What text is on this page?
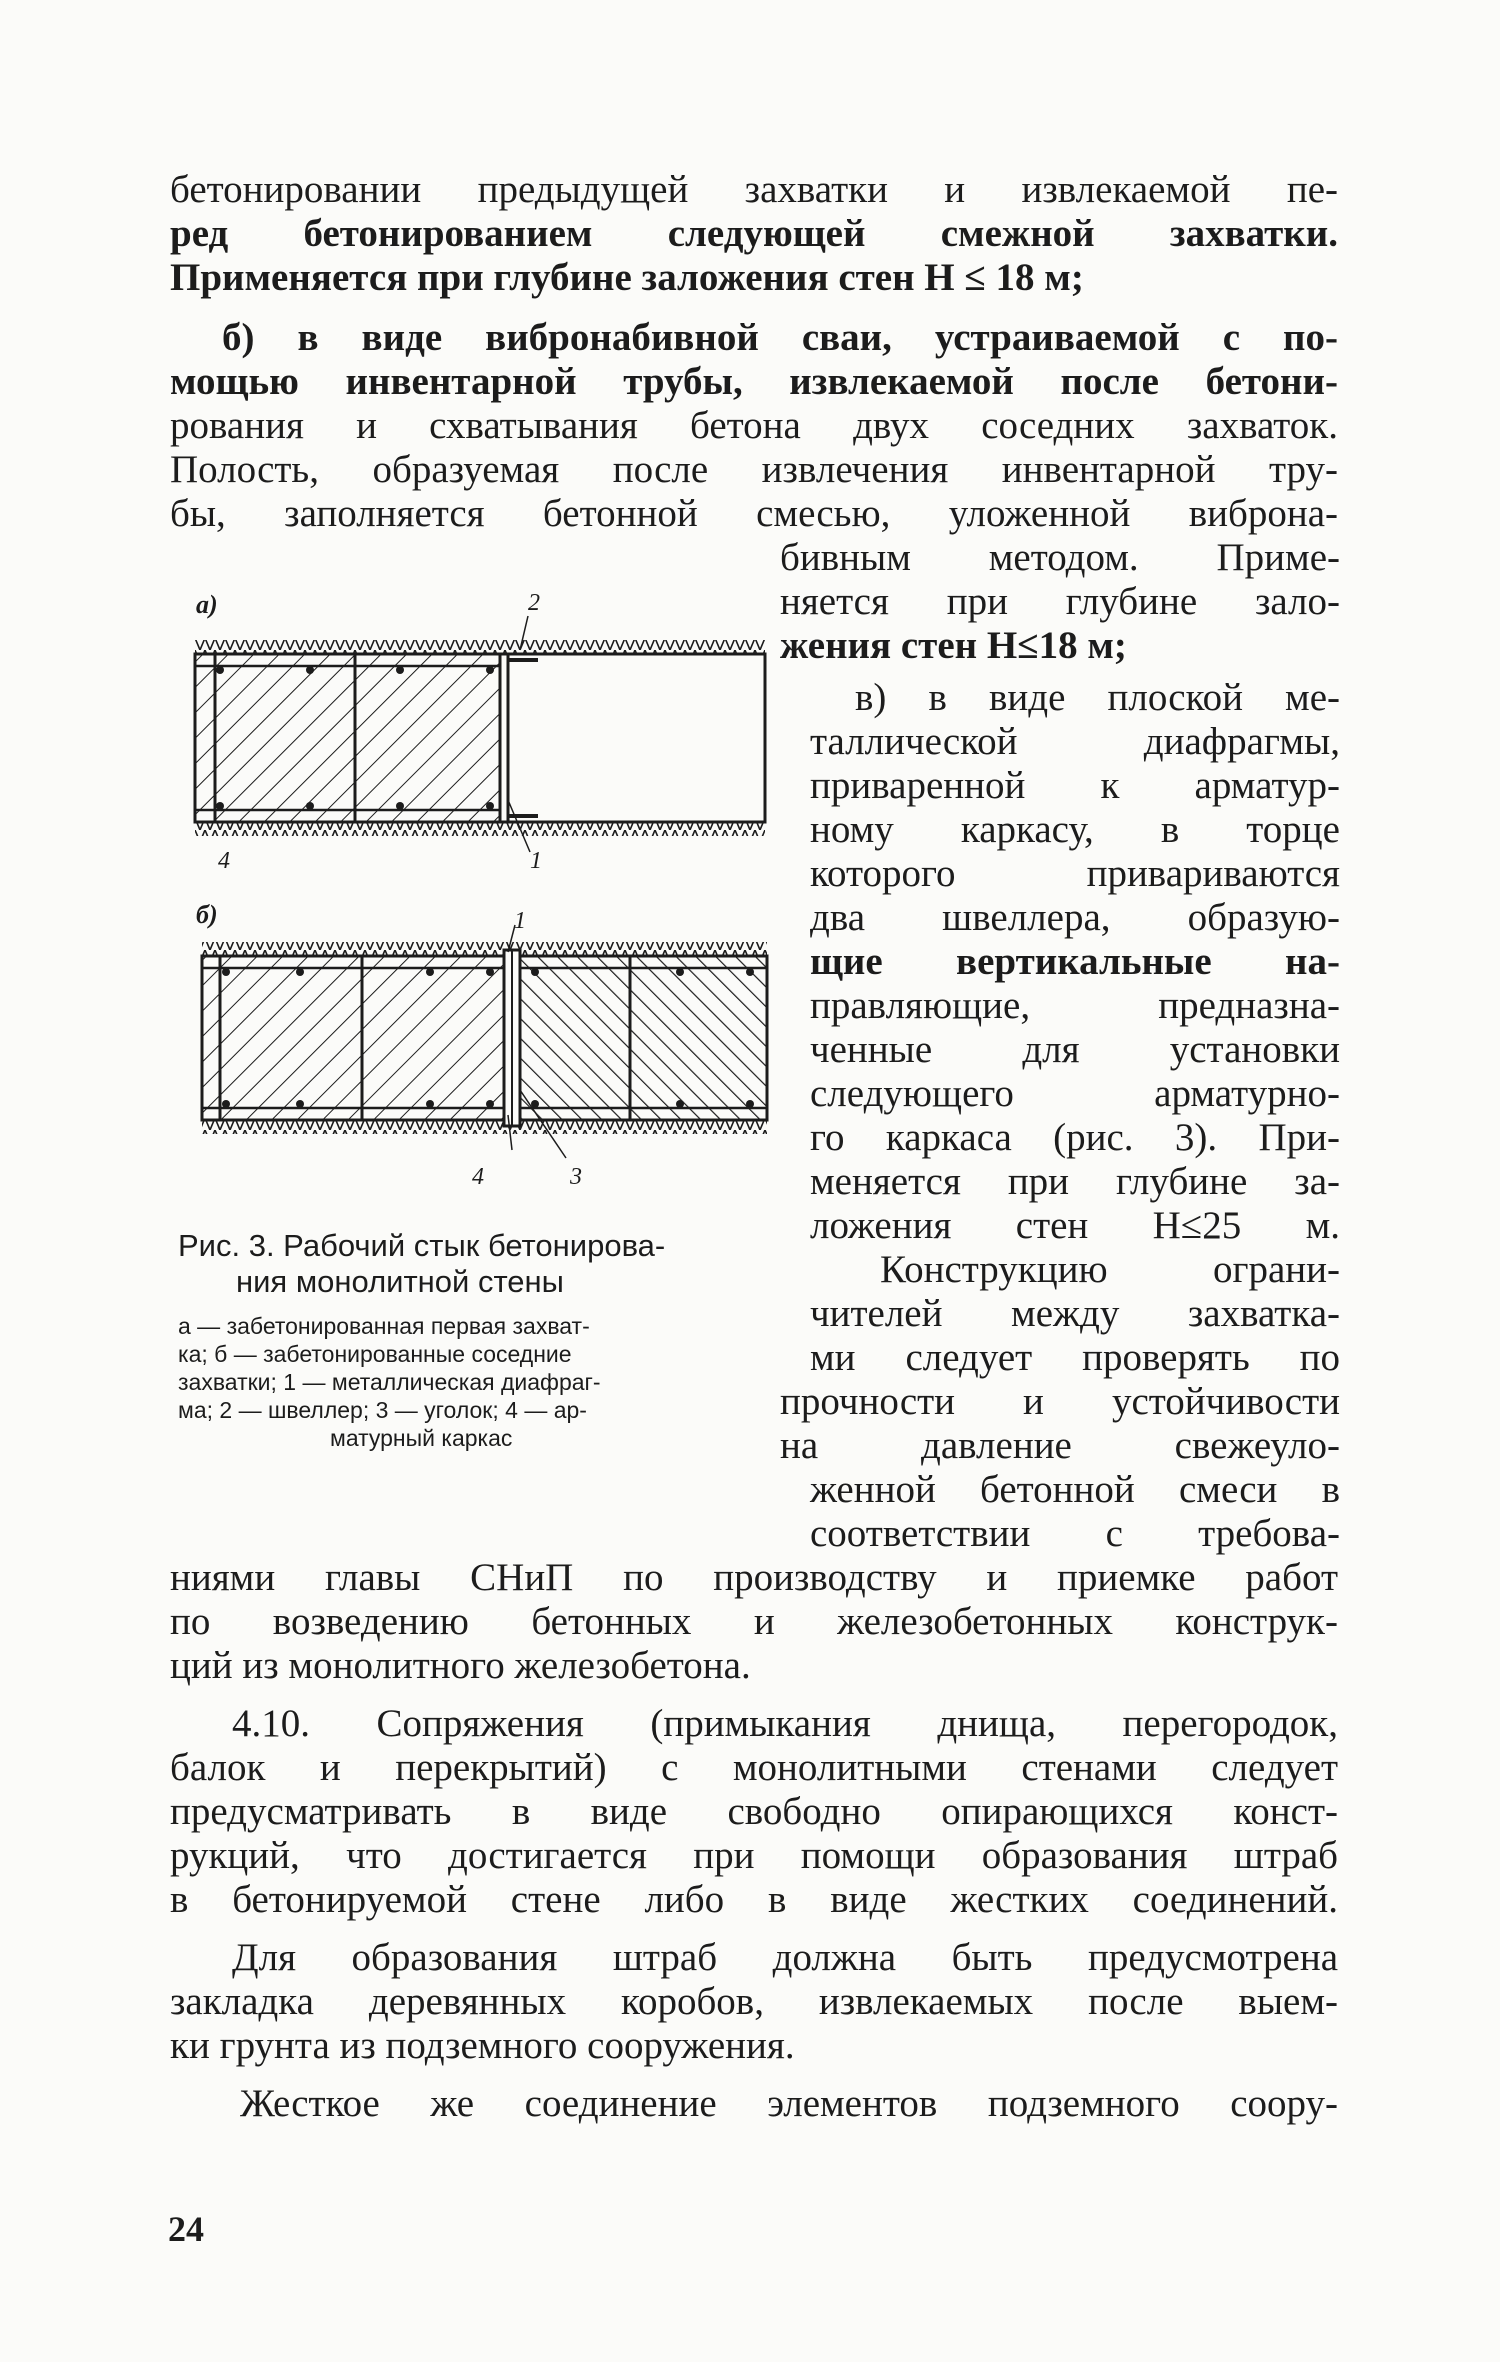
бетонировании предыдущей захватки и извлекаемой пе-
ред бетонированием следующей смежной захватки.
Применяется при глубине заложения стен H ≤ 18 м;
б) в виде вибронабивной сваи, устраиваемой с по-
мощью инвентарной трубы, извлекаемой после бетони-
рования и схватывания бетона двух соседних захваток.
Полость, образуемая после извлечения инвентарной тру-
бы, заполняется бетонной смесью, уложенной виброна-
бивным методом. Приме-
няется при глубине зало-
жения стен H≤18 м;
в) в виде плоской ме-
таллической диафрагмы,
приваренной к арматур-
ному каркасу, в торце
которого привариваются
два швеллера, образую-
щие вертикальные на-
правляющие, предназна-
ченные для установки
следующего арматурно-
го каркаса (рис. 3). При-
меняется при глубине за-
ложения стен H≤25 м.
Конструкцию ограни-
чителей между захватка-
ми следует проверять по
прочности и устойчивости
на давление свежеуло-
женной бетонной смеси в
соответствии с требова-
ниями главы СНиП по производству и приемке работ
по возведению бетонных и железобетонных конструк-
ций из монолитного железобетона.
4.10. Сопряжения (примыкания днища, перегородок,
балок и перекрытий) с монолитными стенами следует
предусматривать в виде свободно опирающихся конст-
рукций, что достигается при помощи образования штраб
в бетонируемой стене либо в виде жестких соединений.
Для образования штраб должна быть предусмотрена
закладка деревянных коробов, извлекаемых после выем-
ки грунта из подземного сооружения.
Жесткое же соединение элементов подземного соору-
а)	2
4	1
б)	1
4	3
Рис. 3. Рабочий стык бетонирова-
ния монолитной стены
а — забетонированная первая захват-
ка; б — забетонированные соседние
захватки; 1 — металлическая диафраг-
ма; 2 — швеллер; 3 — уголок; 4 — ар-
матурный каркас
24
